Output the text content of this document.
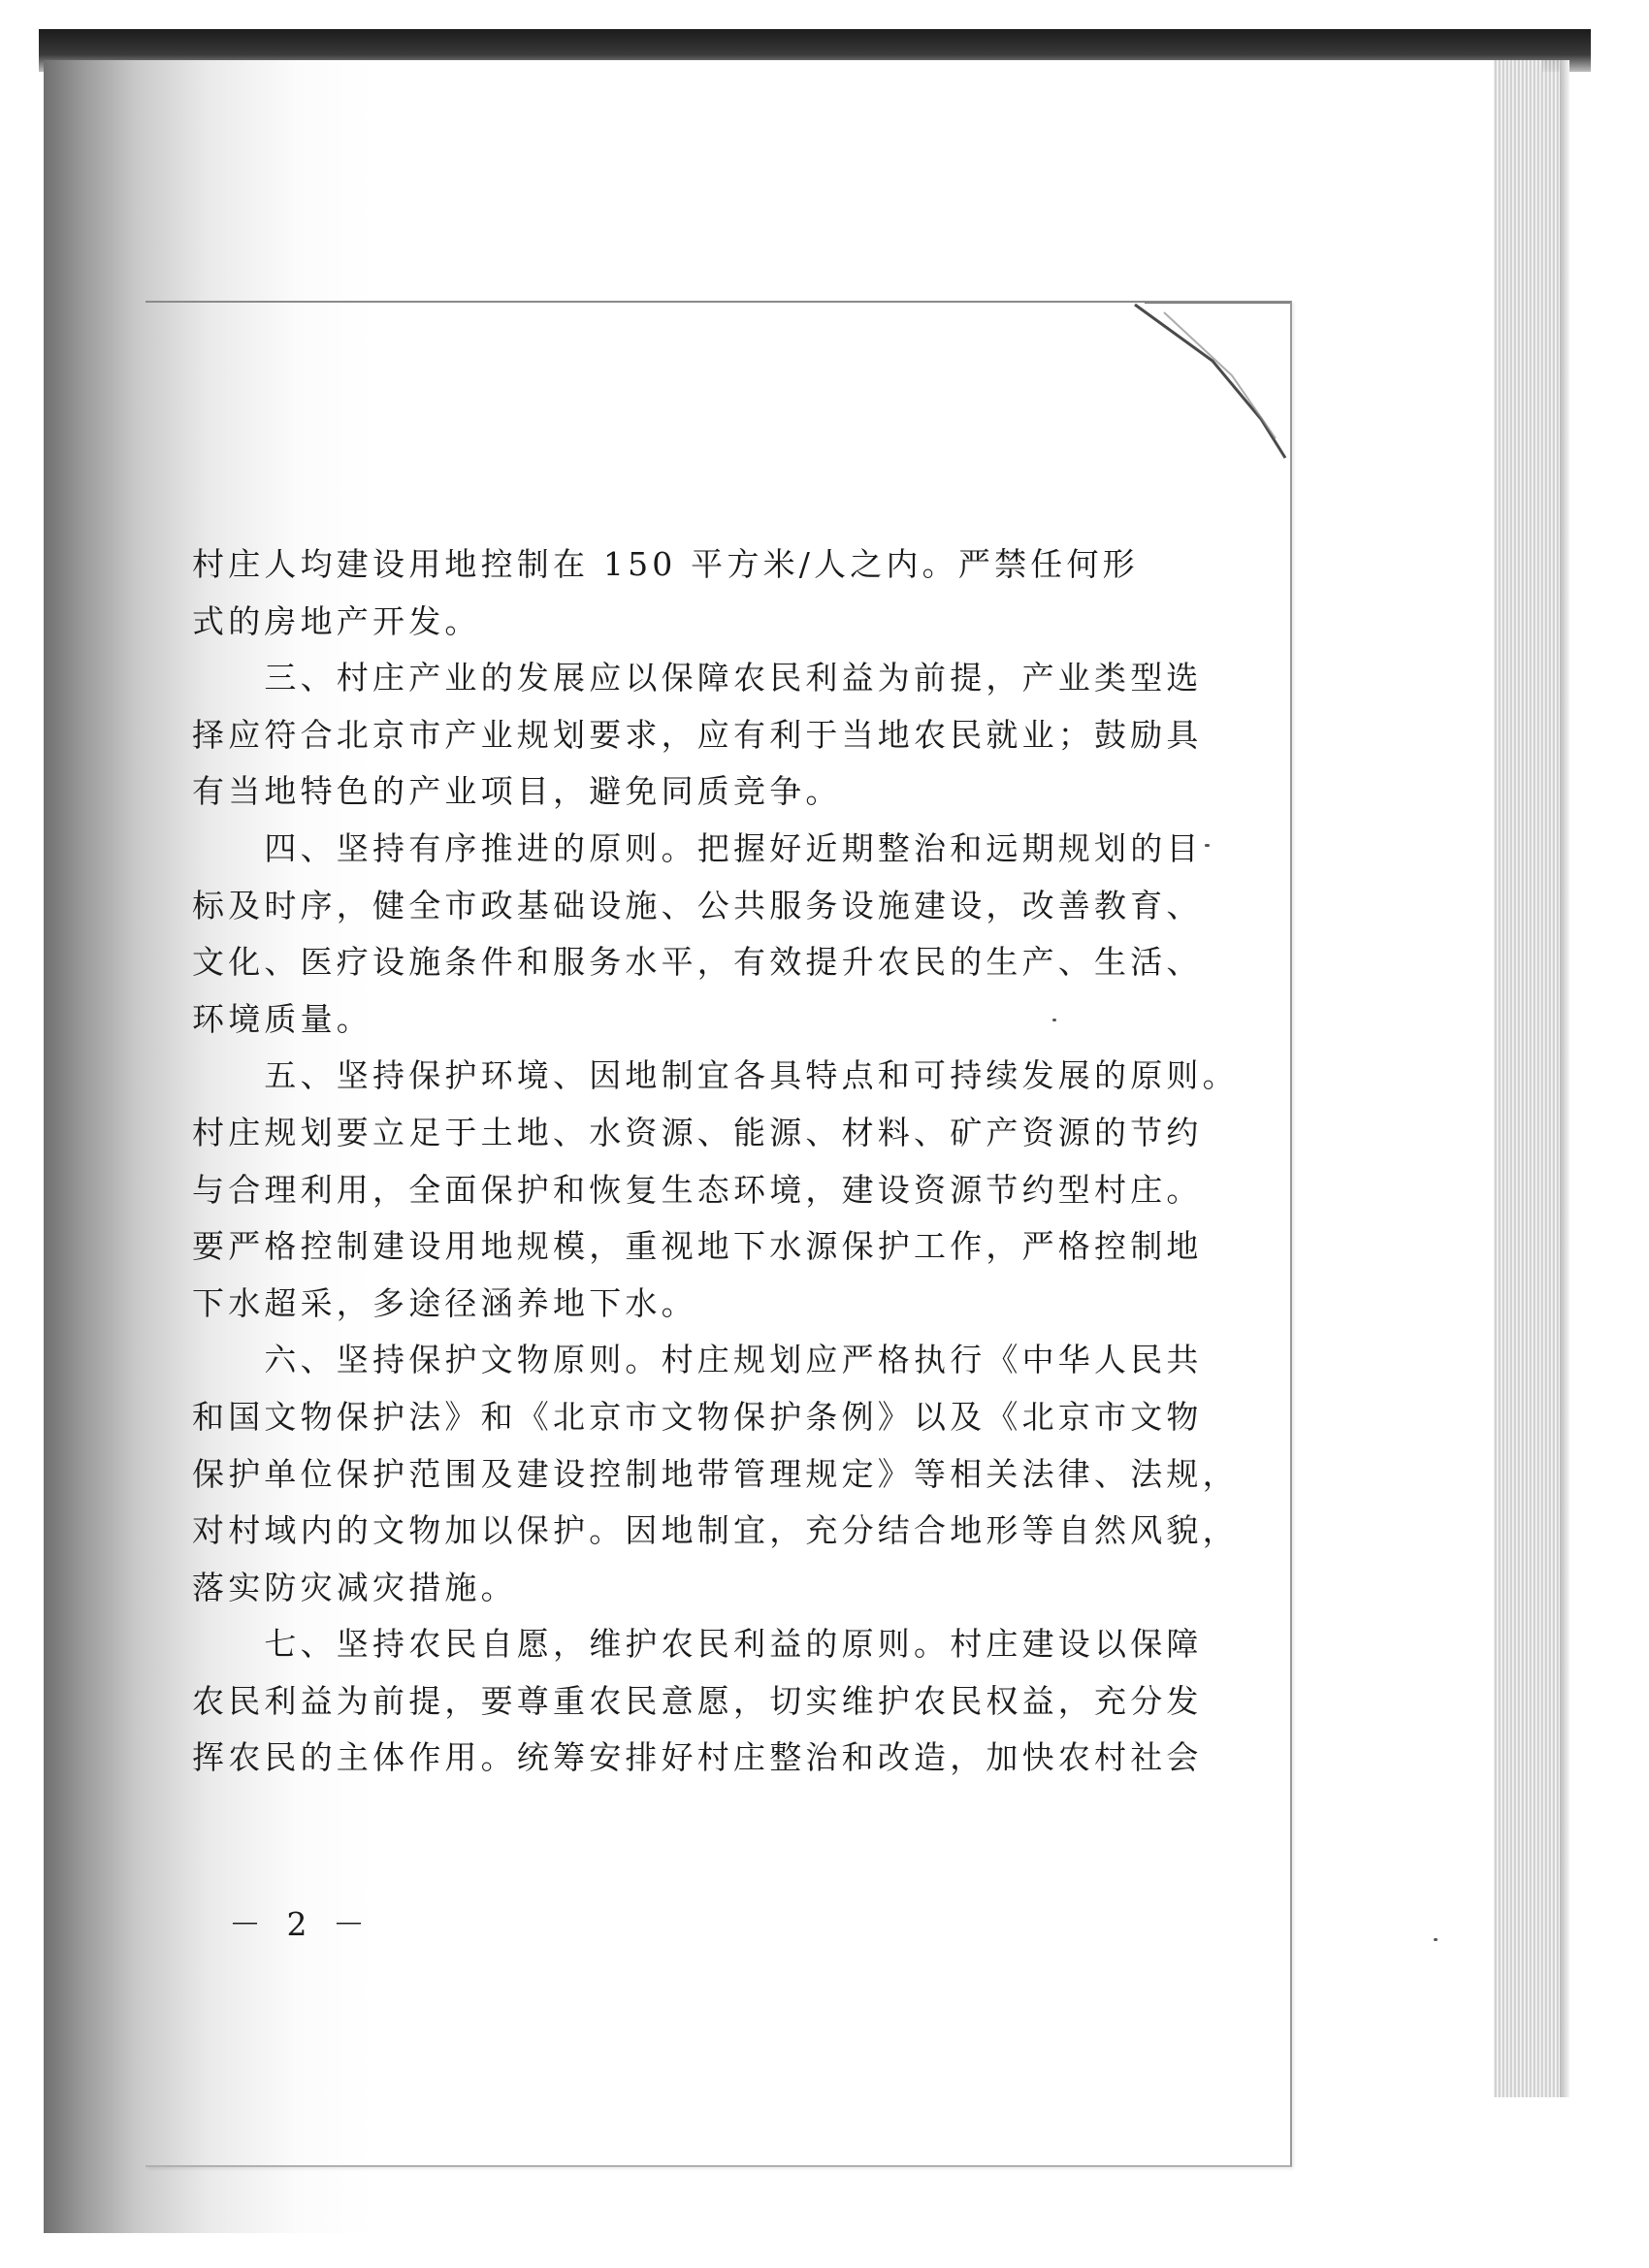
村庄人均建设用地控制在 150 平方米/人之内。严禁任何形
式的房地产开发。
　　三、村庄产业的发展应以保障农民利益为前提，产业类型选
择应符合北京市产业规划要求，应有利于当地农民就业；鼓励具
有当地特色的产业项目，避免同质竞争。
　　四、坚持有序推进的原则。把握好近期整治和远期规划的目
标及时序，健全市政基础设施、公共服务设施建设，改善教育、
文化、医疗设施条件和服务水平，有效提升农民的生产、生活、
环境质量。
　　五、坚持保护环境、因地制宜各具特点和可持续发展的原则。
村庄规划要立足于土地、水资源、能源、材料、矿产资源的节约
与合理利用，全面保护和恢复生态环境，建设资源节约型村庄。
要严格控制建设用地规模，重视地下水源保护工作，严格控制地
下水超采，多途径涵养地下水。
　　六、坚持保护文物原则。村庄规划应严格执行《中华人民共
和国文物保护法》和《北京市文物保护条例》以及《北京市文物
保护单位保护范围及建设控制地带管理规定》等相关法律、法规，
对村域内的文物加以保护。因地制宜，充分结合地形等自然风貌，
落实防灾减灾措施。
　　七、坚持农民自愿，维护农民利益的原则。村庄建设以保障
农民利益为前提，要尊重农民意愿，切实维护农民权益，充分发
挥农民的主体作用。统筹安排好村庄整治和改造，加快农村社会
－ 2 －
